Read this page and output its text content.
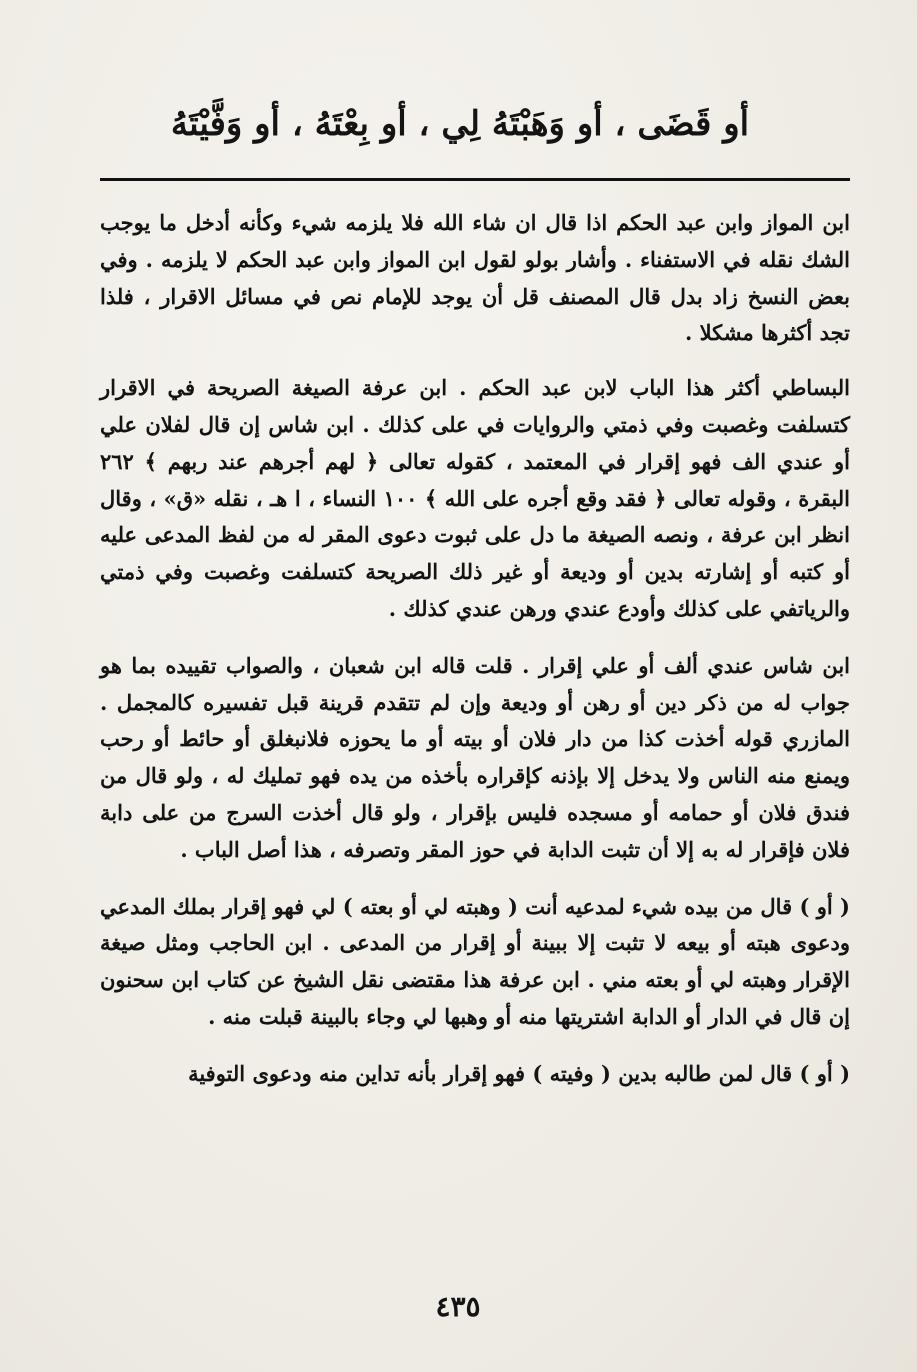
أو قَضَى ، أو وَهَبْتَهُ لِي ، أو بِعْتَهُ ، أو وَفَّيْتَهُ

ابن المواز وابن عبد الحكم اذا قال ان شاء الله فلا يلزمه شيء وكأنه أدخل ما يوجب الشك نقله في الاستفناء . وأشار بولو لقول ابن المواز وابن عبد الحكم لا يلزمه . وفي بعض النسخ زاد بدل قال المصنف قل أن يوجد للإمام نص في مسائل الاقرار ، فلذا تجد أكثرها مشكلا .

البساطي أكثر هذا الباب لابن عبد الحكم . ابن عرفة الصيغة الصريحة في الاقرار كتسلفت وغصبت وفي ذمتي والروايات في على كذلك . ابن شاس إن قال لفلان علي أو عندي الف فهو إقرار في المعتمد ، كقوله تعالى ﴿ لهم أجرهم عند ربهم ﴾ ٢٦٢ البقرة ، وقوله تعالى ﴿ فقد وقع أجره على الله ﴾ ١٠٠ النساء ، ا هـ ، نقله «ق» ، وقال انظر ابن عرفة ، ونصه الصيغة ما دل على ثبوت دعوى المقر له من لفظ المدعى عليه أو كتبه أو إشارته بدين أو وديعة أو غير ذلك الصريحة كتسلفت وغصبت وفي ذمتي والرياتفي على كذلك وأودع عندي ورهن عندي كذلك .

ابن شاس عندي ألف أو علي إقرار . قلت قاله ابن شعبان ، والصواب تقييده بما هو جواب له من ذكر دين أو رهن أو وديعة وإن لم تتقدم قرينة قبل تفسيره كالمجمل . المازري قوله أخذت كذا من دار فلان أو بيته أو ما يحوزه فلانبغلق أو حائط أو رحب ويمنع منه الناس ولا يدخل إلا بإذنه كإقراره بأخذه من يده فهو تمليك له ، ولو قال من فندق فلان أو حمامه أو مسجده فليس بإقرار ، ولو قال أخذت السرج من على دابة فلان فإقرار له به إلا أن تثبت الدابة في حوز المقر وتصرفه ، هذا أصل الباب .

( أو ) قال من بيده شيء لمدعيه أنت ( وهبته لي أو بعته ) لي فهو إقرار بملك المدعي ودعوى هبته أو بيعه لا تثبت إلا ببينة أو إقرار من المدعى . ابن الحاجب ومثل صيغة الإقرار وهبته لي أو بعته مني . ابن عرفة هذا مقتضى نقل الشيخ عن كتاب ابن سحنون إن قال في الدار أو الدابة اشتريتها منه أو وهبها لي وجاء بالبينة قبلت منه .

( أو ) قال لمن طالبه بدين ( وفيته ) فهو إقرار بأنه تداين منه ودعوى التوفية

٤٣٥
